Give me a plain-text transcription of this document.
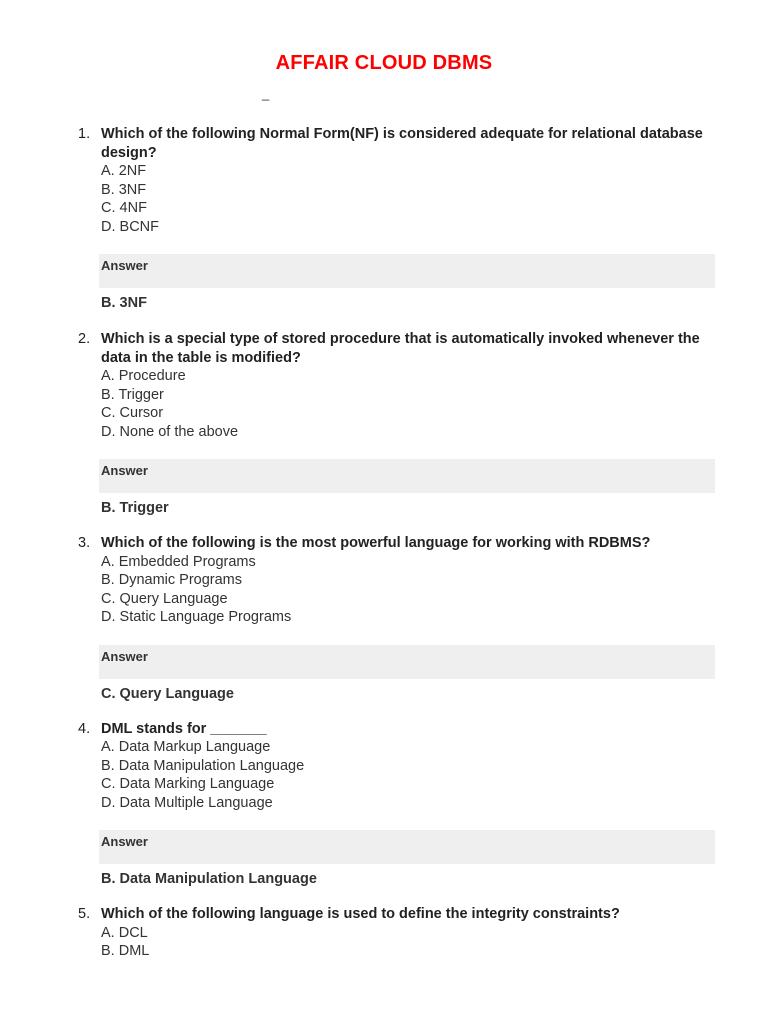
AFFAIR CLOUD DBMS
_
1. Which of the following Normal Form(NF) is considered adequate for relational database design?
A. 2NF
B. 3NF
C. 4NF
D. BCNF
Answer
B. 3NF
2. Which is a special type of stored procedure that is automatically invoked whenever the data in the table is modified?
A. Procedure
B. Trigger
C. Cursor
D. None of the above
Answer
B. Trigger
3. Which of the following is the most powerful language for working with RDBMS?
A. Embedded Programs
B. Dynamic Programs
C. Query Language
D. Static Language Programs
Answer
C. Query Language
4. DML stands for _______
A. Data Markup Language
B. Data Manipulation Language
C. Data Marking Language
D. Data Multiple Language
Answer
B. Data Manipulation Language
5. Which of the following language is used to define the integrity constraints?
A. DCL
B. DML
